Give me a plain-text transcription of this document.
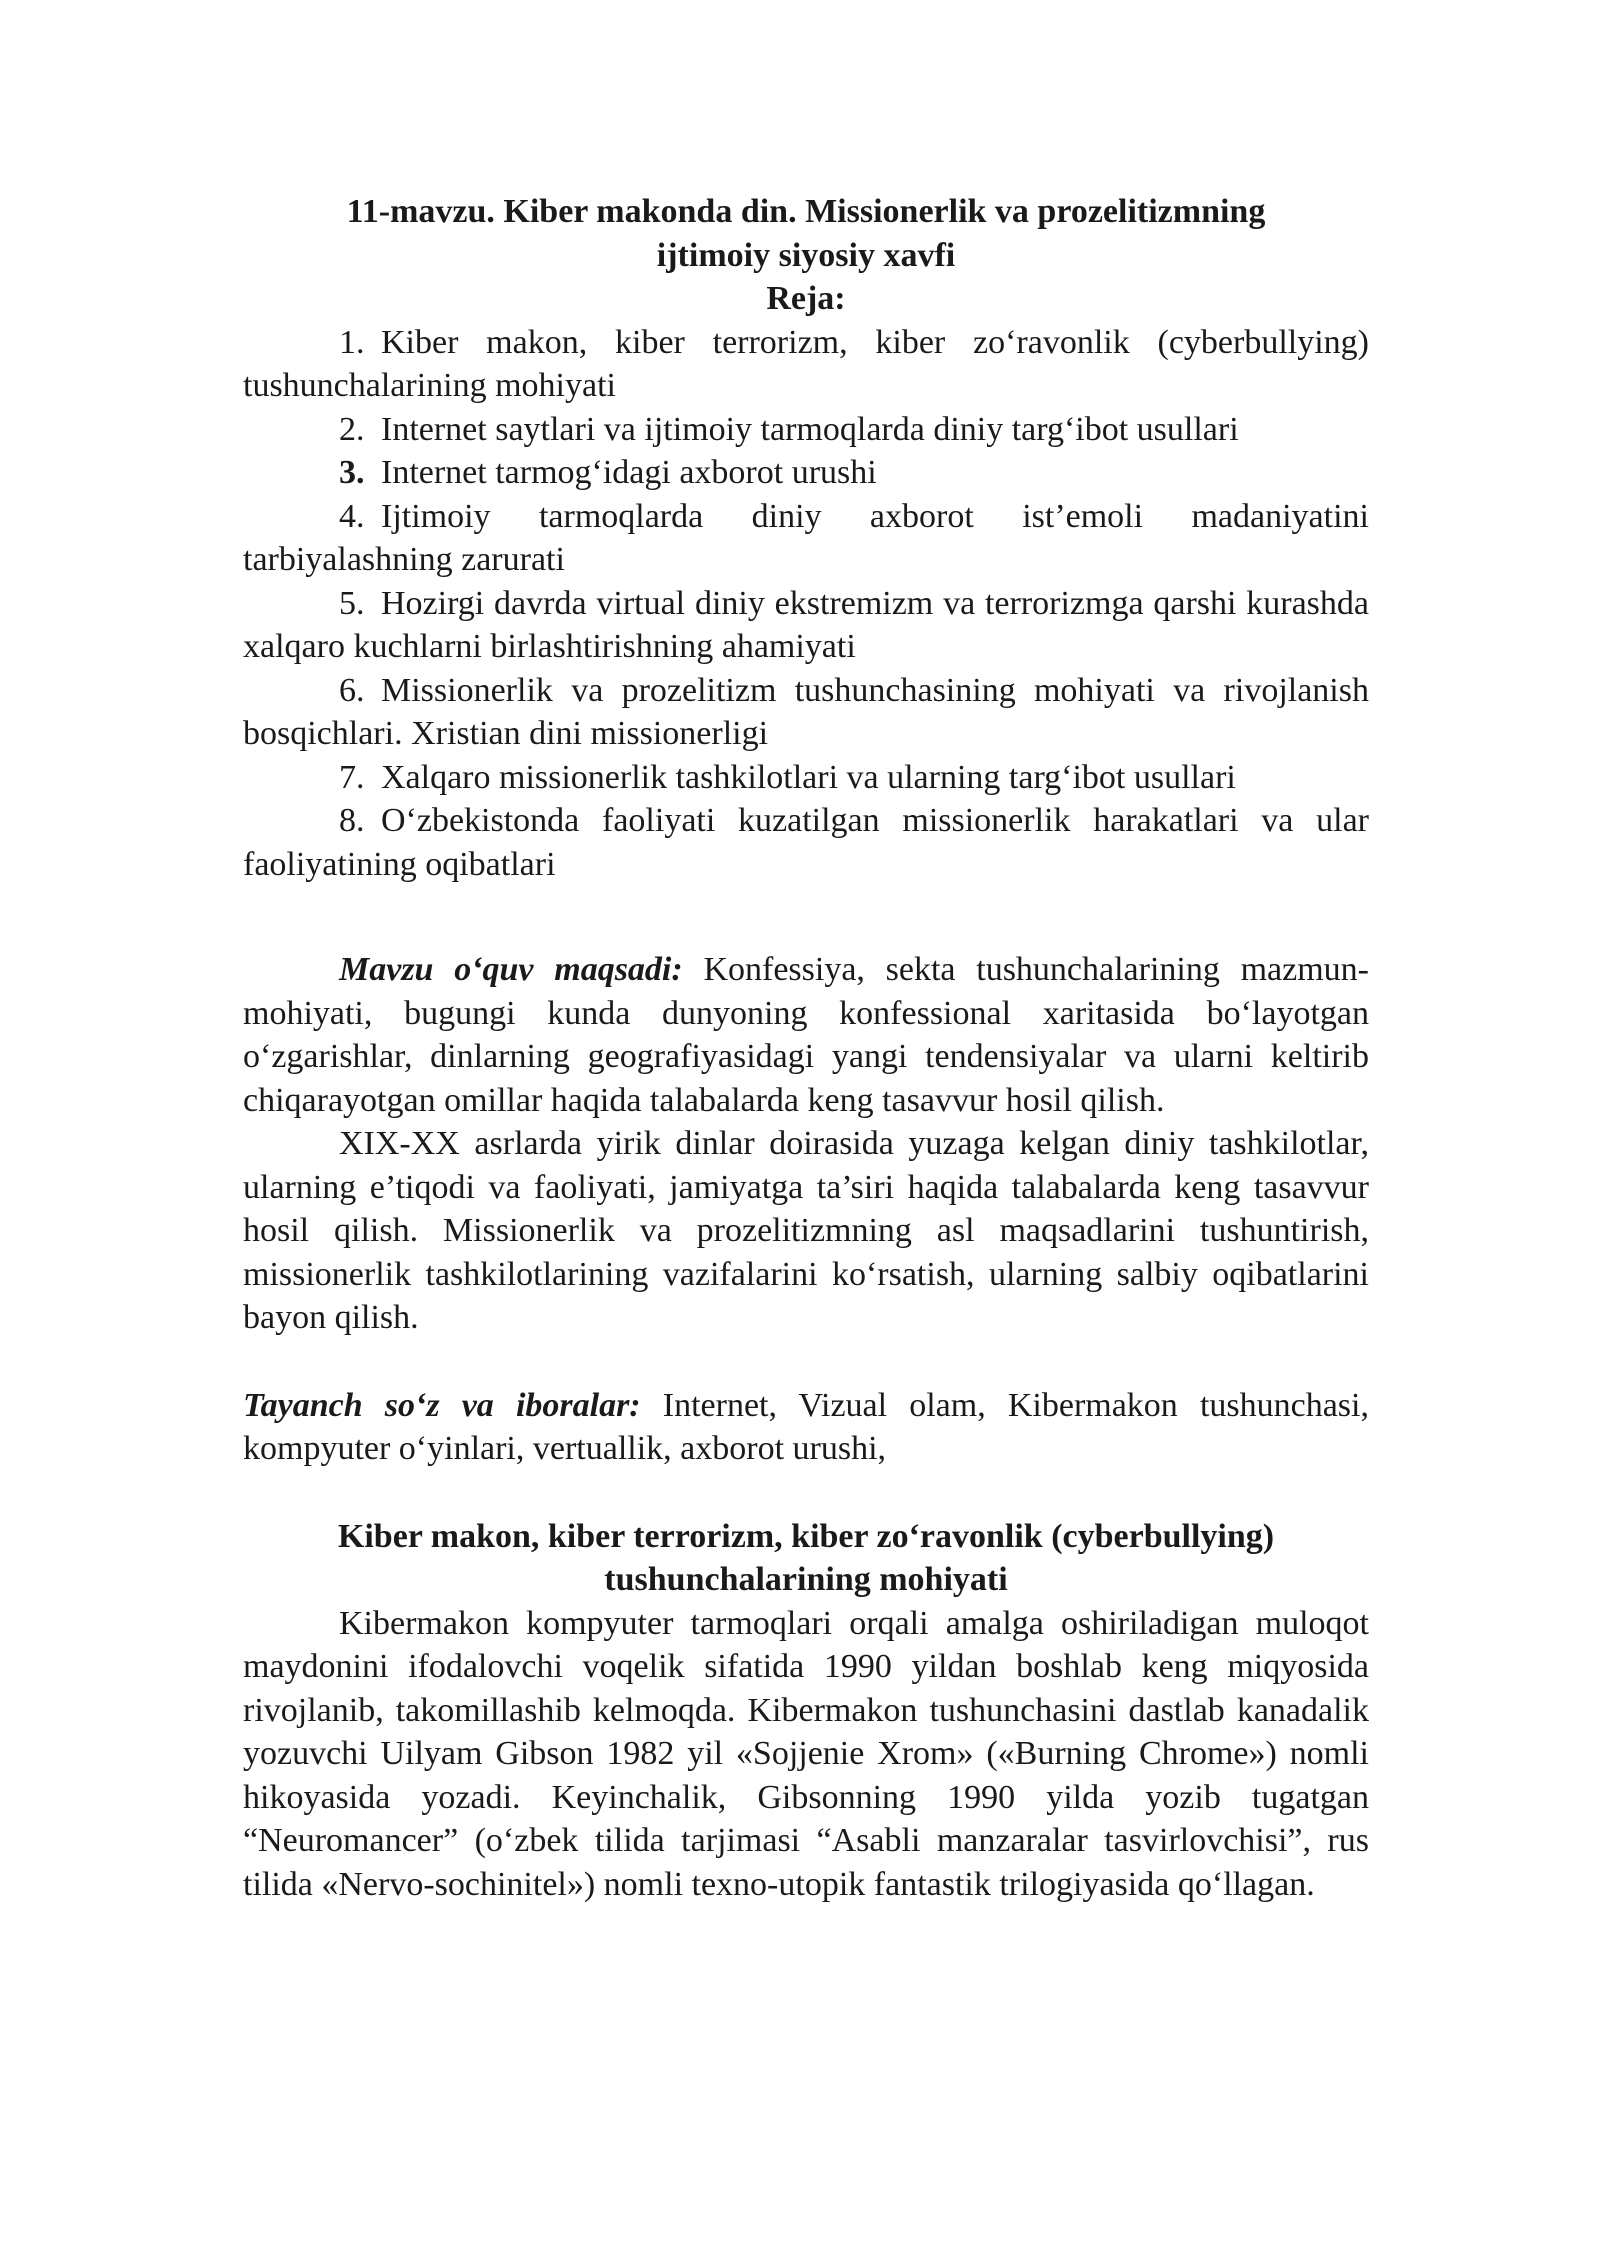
11-mavzu. Kiber makonda din. Missionerlik va prozelitizmning
ijtimoiy siyosiy xavfi
Reja:
1. Kiber makon, kiber terrorizm, kiber zo‘ravonlik (cyberbullying) tushunchalarining mohiyati
2. Internet saytlari va ijtimoiy tarmoqlarda diniy targ‘ibot usullari
3. Internet tarmog‘idagi axborot urushi
4. Ijtimoiy tarmoqlarda diniy axborot ist’emoli madaniyatini tarbiyalashning zarurati
5. Hozirgi davrda virtual diniy ekstremizm va terrorizmga qarshi kurashda xalqaro kuchlarni birlashtirishning ahamiyati
6. Missionerlik va prozelitizm tushunchasining mohiyati va rivojlanish bosqichlari. Xristian dini missionerligi
7. Xalqaro missionerlik tashkilotlari va ularning targ‘ibot usullari
8. O‘zbekistonda faoliyati kuzatilgan missionerlik harakatlari va ular faoliyatining oqibatlari

Mavzu o‘quv maqsadi: Konfessiya, sekta tushunchalarining mazmun-mohiyati, bugungi kunda dunyoning konfessional xaritasida bo‘layotgan o‘zgarishlar, dinlarning geografiyasidagi yangi tendensiyalar va ularni keltirib chiqarayotgan omillar haqida talabalarda keng tasavvur hosil qilish.

XIX-XX asrlarda yirik dinlar doirasida yuzaga kelgan diniy tashkilotlar, ularning e’tiqodi va faoliyati, jamiyatga ta’siri haqida talabalarda keng tasavvur hosil qilish. Missionerlik va prozelitizmning asl maqsadlarini tushuntirish, missionerlik tashkilotlarining vazifalarini ko‘rsatish, ularning salbiy oqibatlarini bayon qilish.

Tayanch so‘z va iboralar: Internet, Vizual olam, Kibermakon tushunchasi, kompyuter o‘yinlari, vertuallik, axborot urushi,

Kiber makon, kiber terrorizm, kiber zo‘ravonlik (cyberbullying)
tushunchalarining mohiyati

Kibermakon kompyuter tarmoqlari orqali amalga oshiriladigan muloqot maydonini ifodalovchi voqelik sifatida 1990 yildan boshlab keng miqyosida rivojlanib, takomillashib kelmoqda. Kibermakon tushunchasini dastlab kanadalik yozuvchi Uilyam Gibson 1982 yil «Sojjenie Xrom» («Burning Chrome») nomli hikoyasida yozadi. Keyinchalik, Gibsonning 1990 yilda yozib tugatgan “Neuromancer” (o‘zbek tilida tarjimasi “Asabli manzaralar tasvirlovchisi”, rus tilida «Nervo-sochinitel») nomli texno-utopik fantastik trilogiyasida qo‘llagan.
